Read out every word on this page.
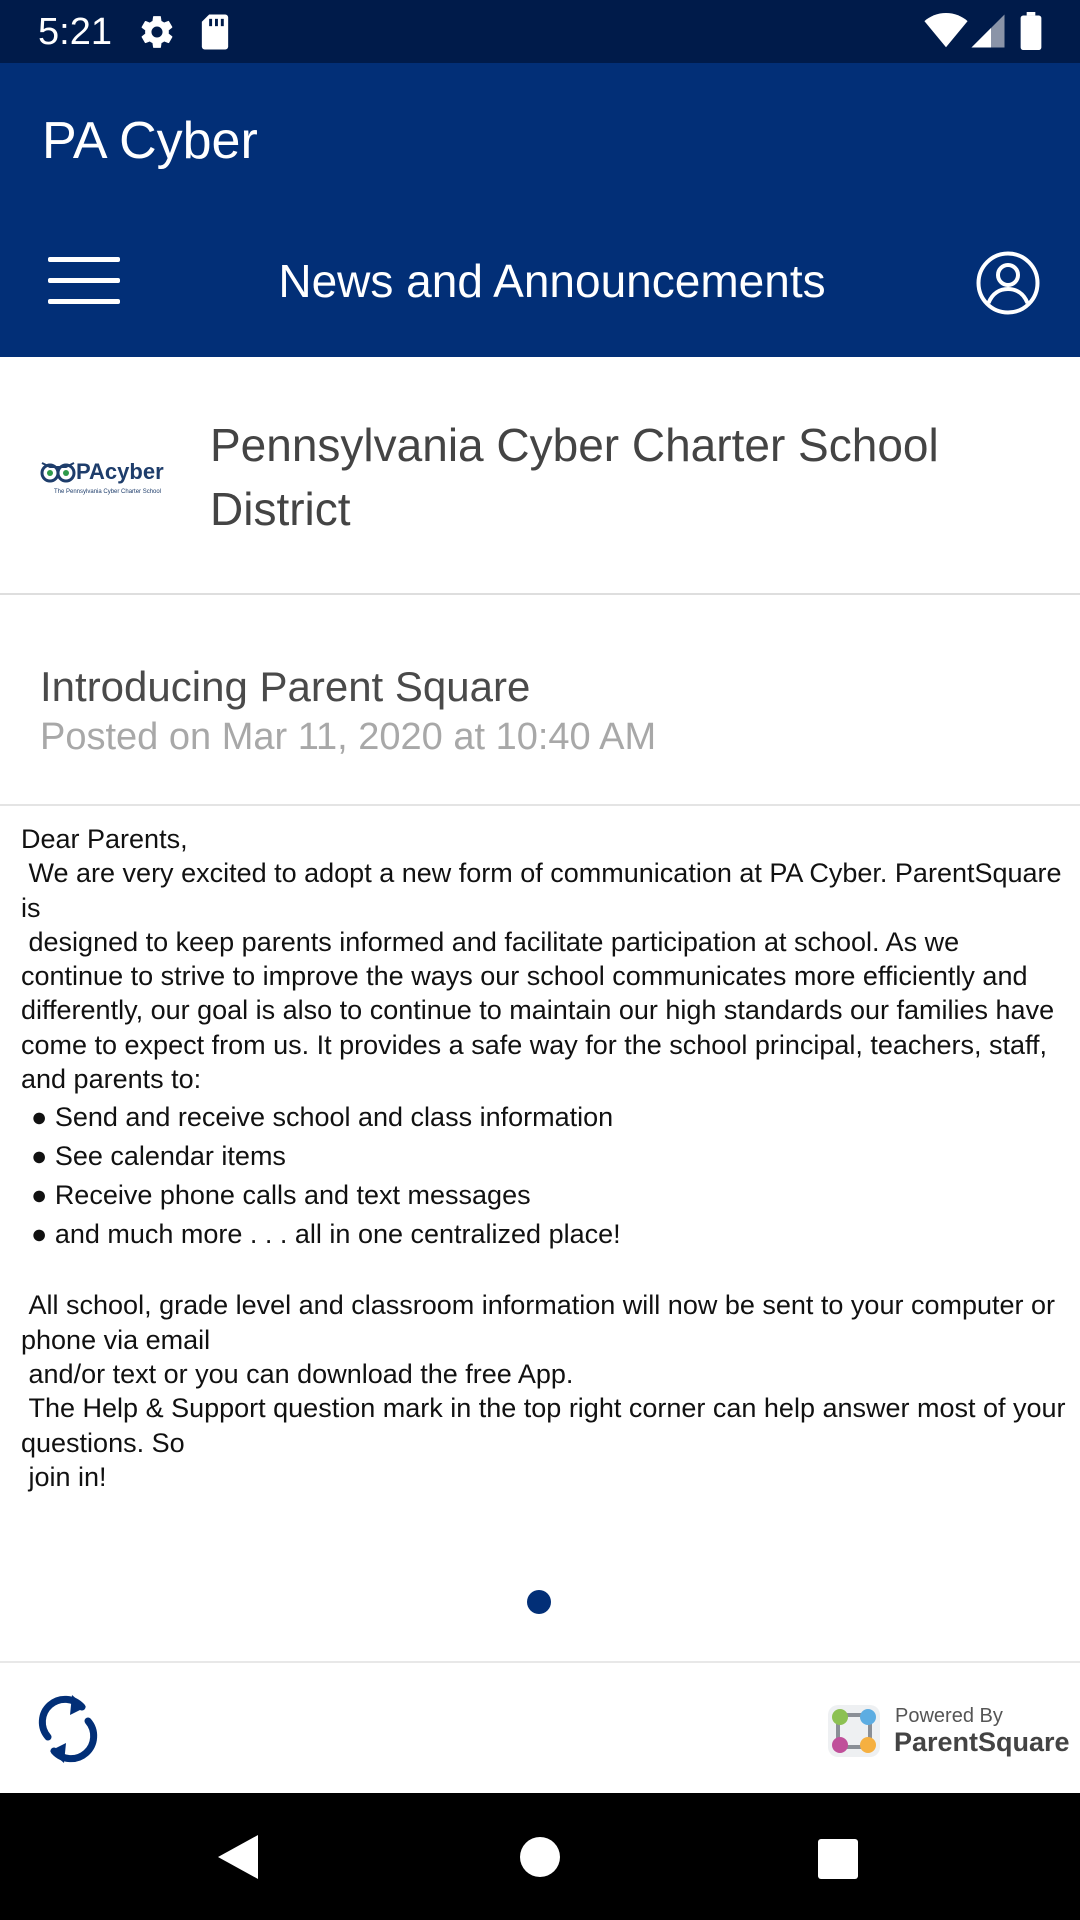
5:21
PA Cyber
News and Announcements
PAcyber
The Pennsylvania Cyber Charter School
Pennsylvania Cyber Charter School District
Introducing Parent Square
Posted on Mar 11, 2020 at 10:40 AM

Dear Parents,

We are very excited to adopt a new form of communication at PA Cyber. ParentSquare is

designed to keep parents informed and facilitate participation at school. As we continue to strive to improve the ways our school communicates more efficiently and differently, our goal is also to continue to maintain our high standards our families have come to expect from us. It provides a safe way for the school principal, teachers, staff, and parents to:

● Send and receive school and class information
● See calendar items
● Receive phone calls and text messages
● and much more . . . all in one centralized place!

All school, grade level and classroom information will now be sent to your computer or phone via email

and/or text or you can download the free App.

The Help & Support question mark in the top right corner can help answer most of your questions. So

join in!

Powered By
ParentSquare
